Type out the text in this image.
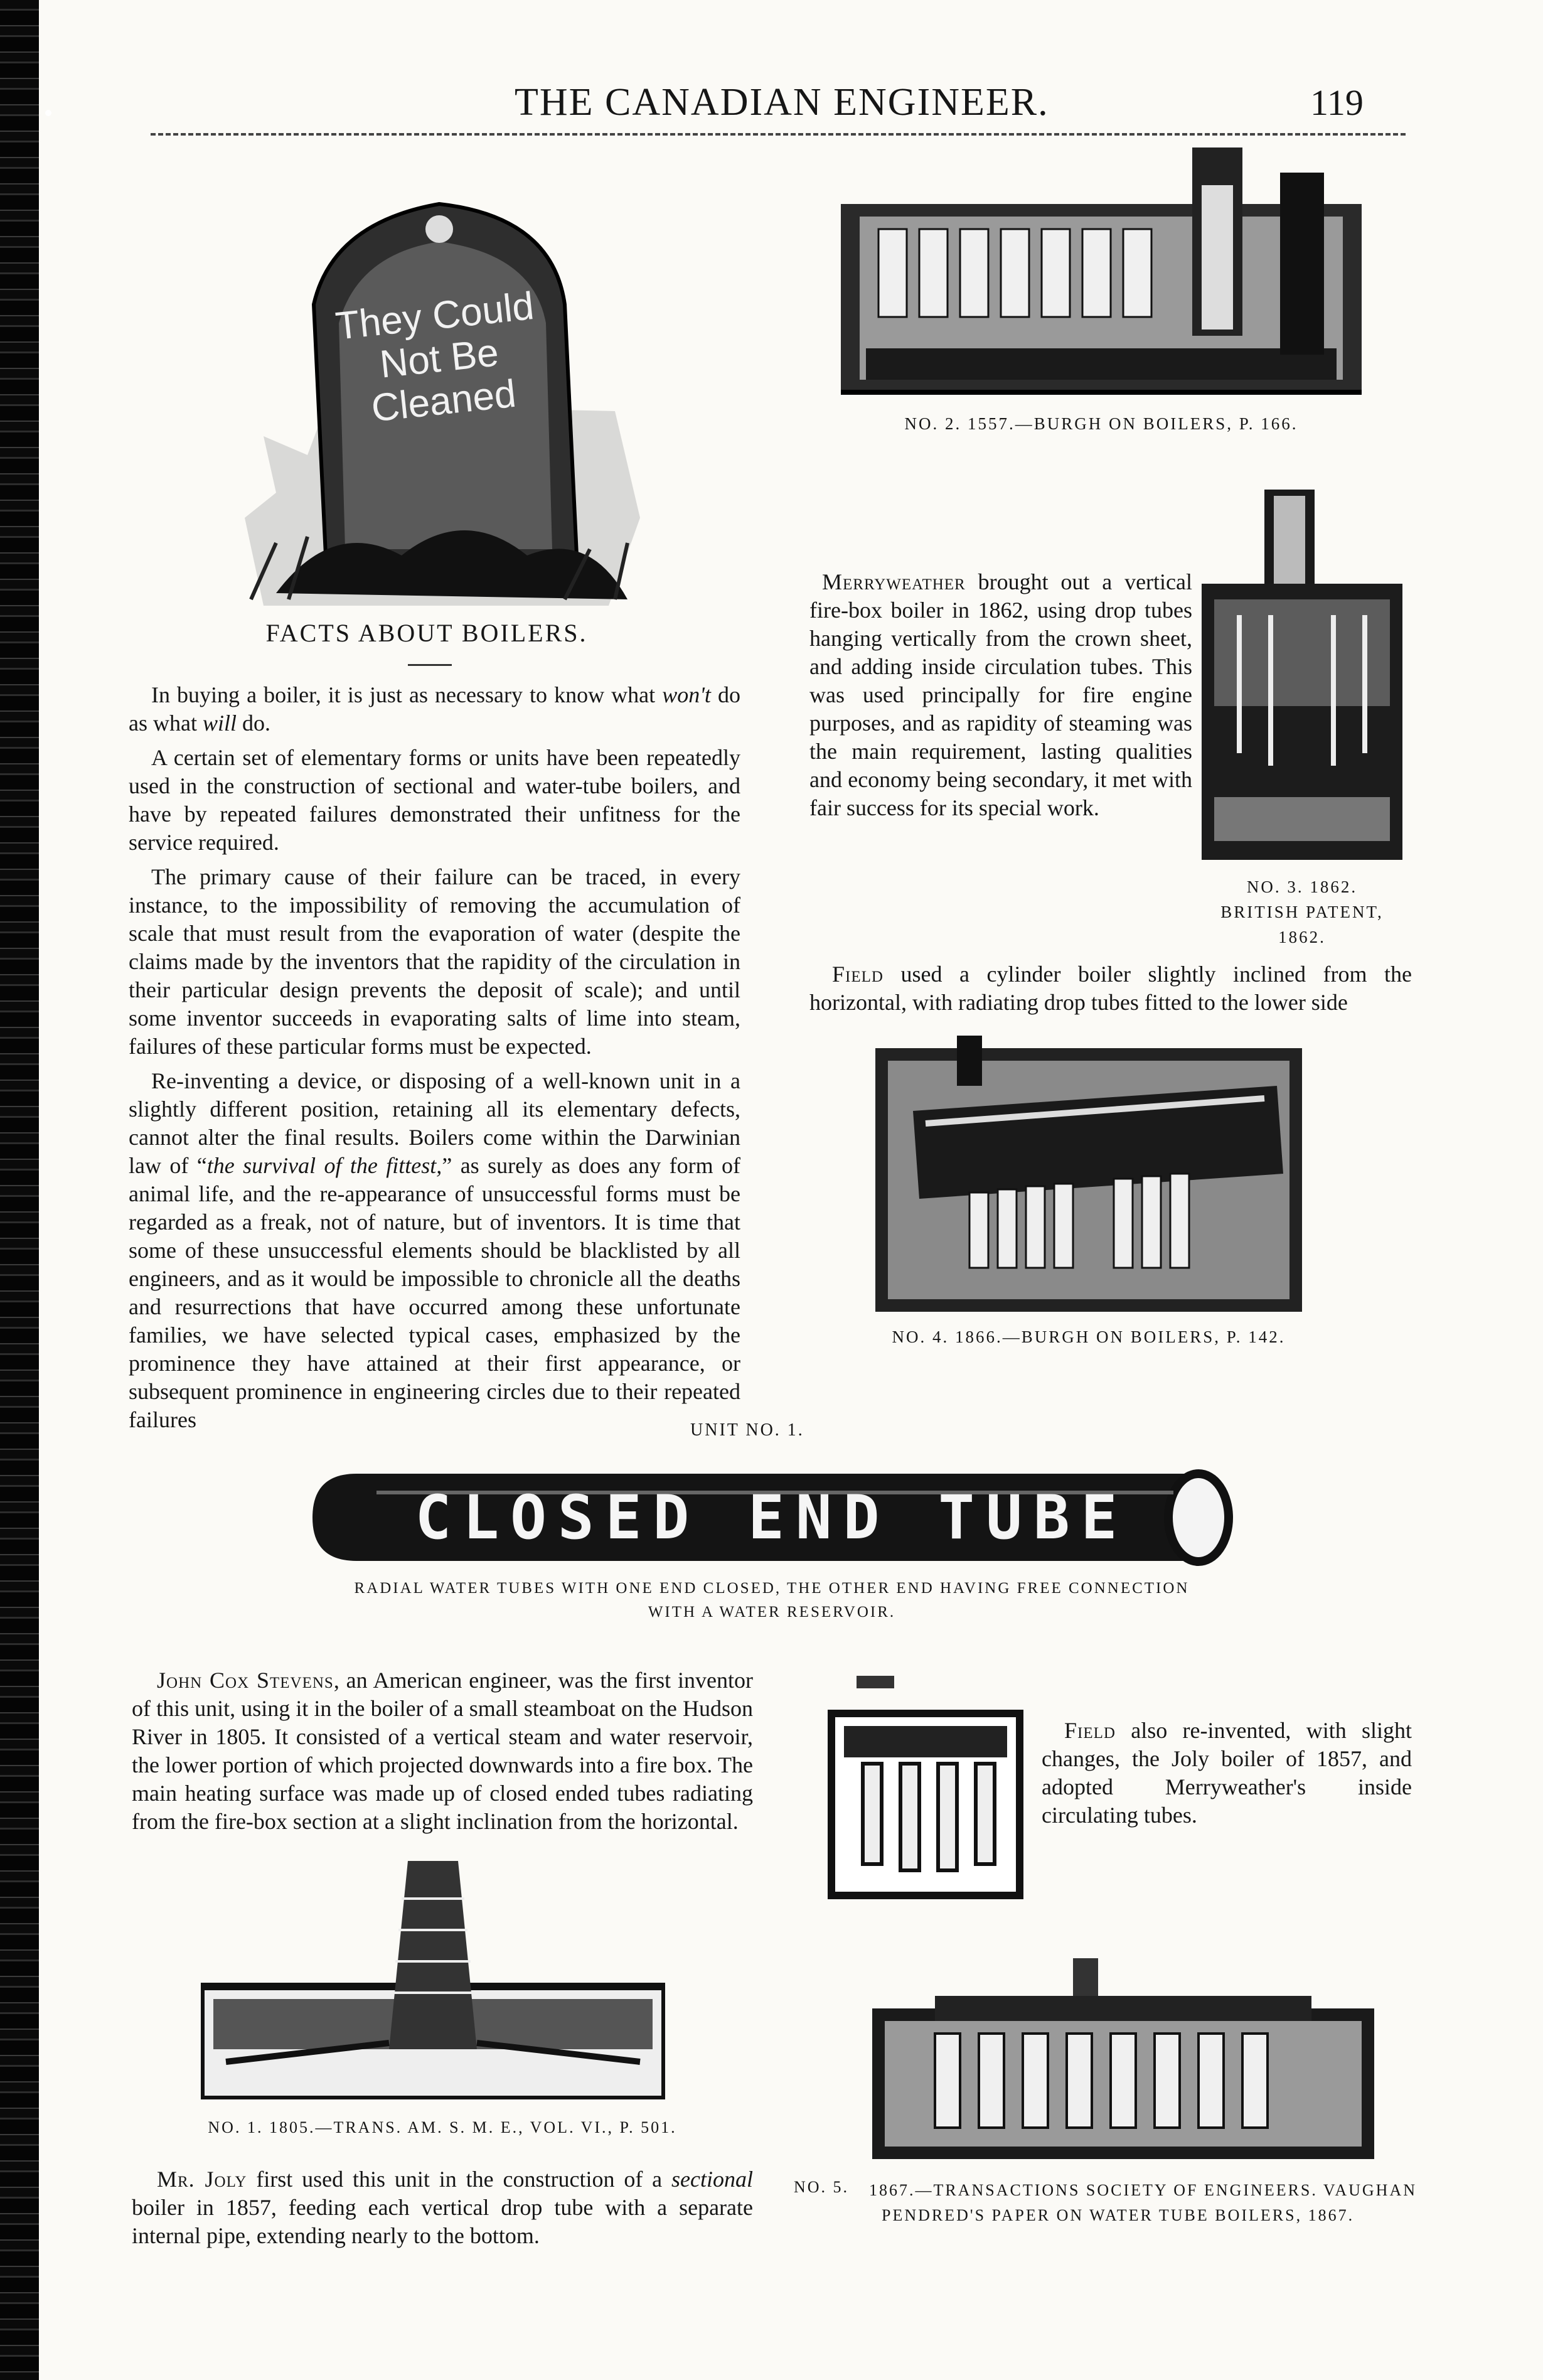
THE CANADIAN ENGINEER.	119
They Could Not Be Cleaned
FACTS ABOUT BOILERS.

In buying a boiler, it is just as necessary to know what won't do as what will do.

A certain set of elementary forms or units have been repeatedly used in the construction of sectional and water-tube boilers, and have by repeated failures demonstrated their unfitness for the service required.

The primary cause of their failure can be traced, in every instance, to the impossibility of removing the accumulation of scale that must result from the evaporation of water (despite the claims made by the inventors that the rapidity of the circulation in their particular design prevents the deposit of scale); and until some inventor succeeds in evaporating salts of lime into steam, failures of these particular forms must be expected.

Re-inventing a device, or disposing of a well-known unit in a slightly different position, retaining all its elementary defects, cannot alter the final results. Boilers come within the Darwinian law of “the survival of the fittest,” as surely as does any form of animal life, and the re-appearance of unsuccessful forms must be regarded as a freak, not of nature, but of inventors. It is time that some of these unsuccessful elements should be blacklisted by all engineers, and as it would be impossible to chronicle all the deaths and resurrections that have occurred among these unfortunate families, we have selected typical cases, emphasized by the prominence they have attained at their first appearance, or subsequent prominence in engineering circles due to their repeated failures

NO. 2. 1557.—BURGH ON BOILERS, P. 166.

Merryweather brought out a vertical fire-box boiler in 1862, using drop tubes hanging vertically from the crown sheet, and adding inside circulation tubes. This was used principally for fire engine purposes, and as rapidity of steaming was the main requirement, lasting qualities and economy being secondary, it met with fair success for its special work.

NO. 3. 1862.
BRITISH PATENT, 1862.

Field used a cylinder boiler slightly inclined from the horizontal, with radiating drop tubes fitted to the lower side

NO. 4. 1866.—BURGH ON BOILERS, P. 142.
UNIT NO. 1.
CLOSED END TUBE
RADIAL WATER TUBES WITH ONE END CLOSED, THE OTHER END HAVING FREE CONNECTION
WITH A WATER RESERVOIR.

John Cox Stevens, an American engineer, was the first inventor of this unit, using it in the boiler of a small steamboat on the Hudson River in 1805. It consisted of a vertical steam and water reservoir, the lower portion of which projected downwards into a fire box. The main heating surface was made up of closed ended tubes radiating from the fire-box section at a slight inclination from the horizontal.

Field also re-invented, with slight changes, the Joly boiler of 1857, and adopted Merryweather's inside circulating tubes.

NO. 1. 1805.—TRANS. AM. S. M. E., VOL. VI., P. 501.

Mr. Joly first used this unit in the construction of a sectional boiler in 1857, feeding each vertical drop tube with a separate internal pipe, extending nearly to the bottom.

NO. 5. 1867.—TRANSACTIONS SOCIETY OF ENGINEERS. VAUGHAN
PENDRED'S PAPER ON WATER TUBE BOILERS, 1867.
